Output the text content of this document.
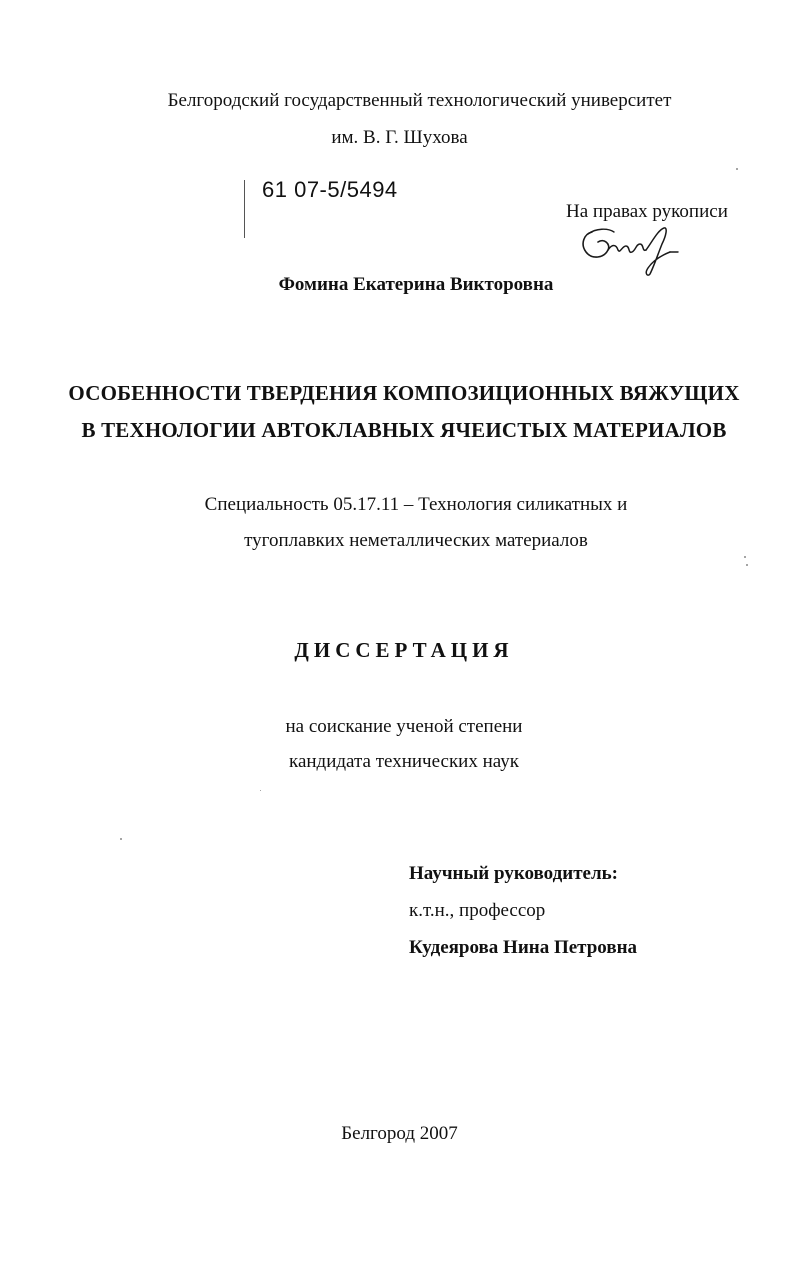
Белгородский государственный технологический университет
им. В. Г. Шухова
61 07-5/5494
На правах рукописи
Фомина Екатерина Викторовна
ОСОБЕННОСТИ ТВЕРДЕНИЯ КОМПОЗИЦИОННЫХ ВЯЖУЩИХ
В ТЕХНОЛОГИИ АВТОКЛАВНЫХ ЯЧЕИСТЫХ МАТЕРИАЛОВ
Специальность 05.17.11 – Технология силикатных и
тугоплавких неметаллических материалов
ДИССЕРТАЦИЯ
на соискание ученой степени
кандидата технических наук
Научный руководитель:
к.т.н., профессор
Кудеярова Нина Петровна
Белгород 2007
